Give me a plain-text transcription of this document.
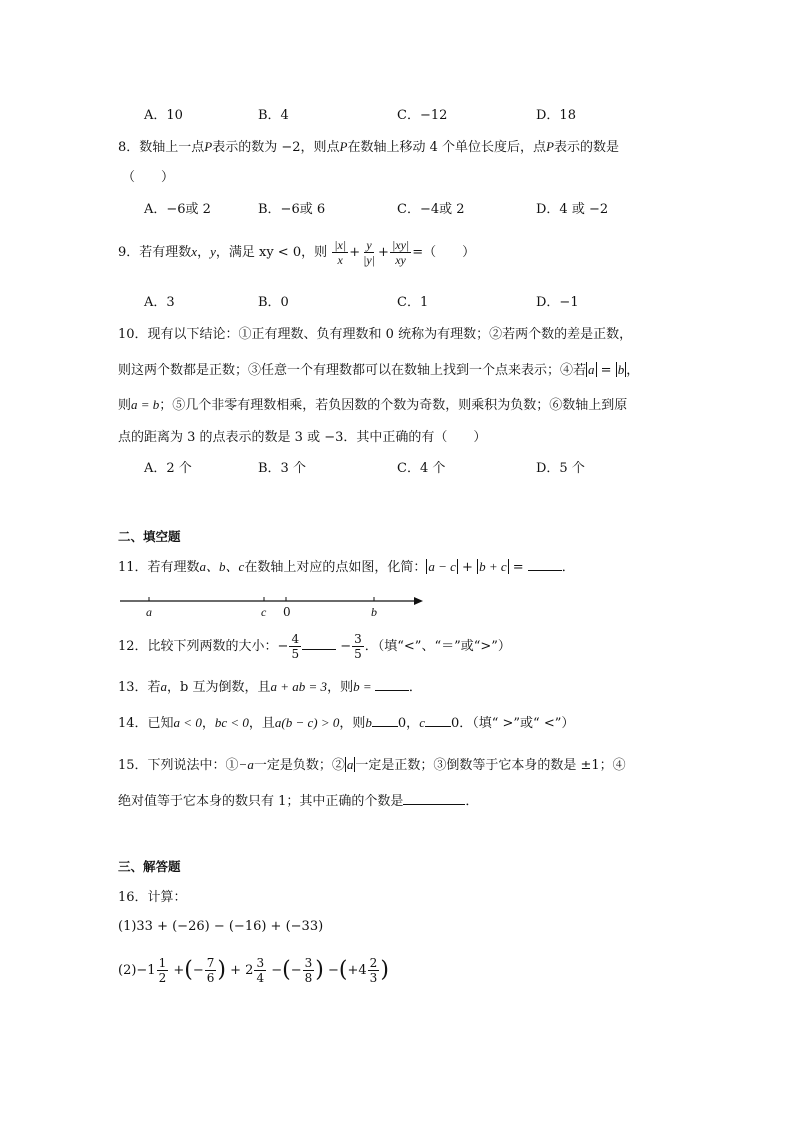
A．10	B．4	C．−12	D．18
8．数轴上一点P表示的数为 −2，则点P在数轴上移动 4 个单位长度后，点P表示的数是
（　　）
A．−6或 2	B．−6或 6	C．−4或 2	D．4 或 −2
9．若有理数x，y，满足 xy < 0，则 $\frac{|x|}{x} + \frac{y}{|y|} + \frac{|xy|}{xy}$ =（　　）
A．3	B．0	C．1	D．−1
10．现有以下结论：①正有理数、负有理数和 0 统称为有理数；②若两个数的差是正数，
则这两个数都是正数；③任意一个有理数都可以在数轴上找到一个点来表示；④若 a = b ，
则a = b；⑤几个非零有理数相乘，若负因数的个数为奇数，则乘积为负数；⑥数轴上到原
点的距离为 3 的点表示的数是 3 或 −3．其中正确的有（　　）
A．2 个	B．3 个	C．4 个	D．5 个
二、填空题
11．若有理数a、b、c在数轴上对应的点如图，化简： a − c + b + c =	．
a	c 0	b
12．比较下列两数的大小：− $\frac{4}{5}$	− $\frac{3}{5}$ ．（填“<”、“＝”或“>”）
13．若a，b 互为倒数，且a + ab = 3，则b =	．
14．已知a < 0，bc < 0，且a(b − c) > 0，则b 0，c 0．（填“ >”或“ <”）
15．下列说法中：①−a一定是负数；② a 一定是正数；③倒数等于它本身的数是 ±1；④
绝对值等于它本身的数只有 1；其中正确的个数是	．
三、解答题
16．计算：
(1)33 + (−26) − (−16) + (−33)
$(2)-1 \frac{1}{2}$ +(− $\frac{7}{6}$ ) + $2 \frac{3}{4}$ −(− $\frac{3}{8}$ ) $-(+4 \frac{2}{3}$ )
